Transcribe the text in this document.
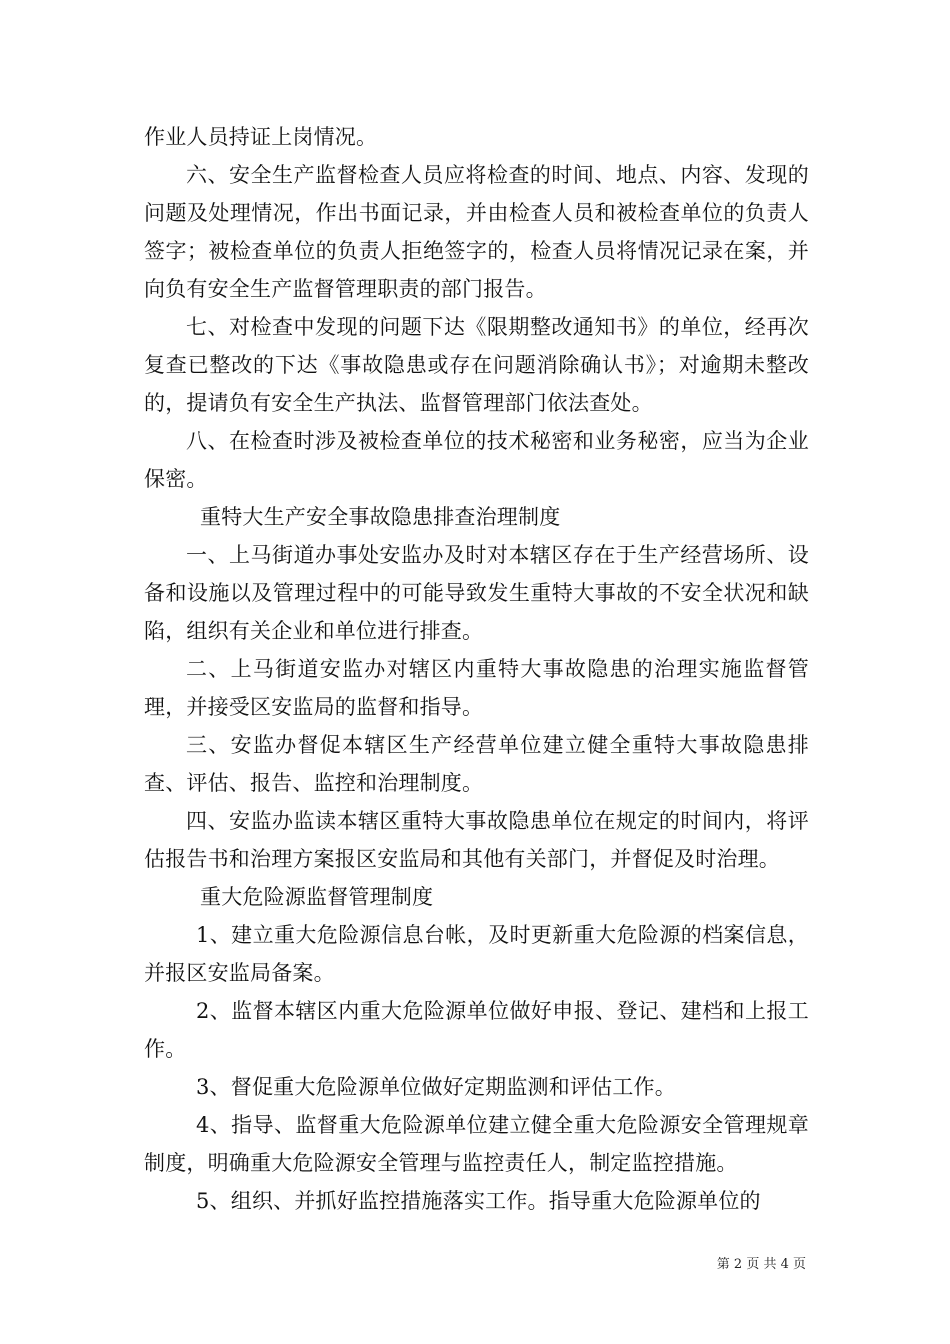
作业人员持证上岗情况。

六、安全生产监督检查人员应将检查的时间、地点、内容、发现的问题及处理情况，作出书面记录，并由检查人员和被检查单位的负责人签字；被检查单位的负责人拒绝签字的，检查人员将情况记录在案，并向负有安全生产监督管理职责的部门报告。

七、对检查中发现的问题下达《限期整改通知书》的单位，经再次复查已整改的下达《事故隐患或存在问题消除确认书》；对逾期未整改的，提请负有安全生产执法、监督管理部门依法查处。

八、在检查时涉及被检查单位的技术秘密和业务秘密，应当为企业保密。

重特大生产安全事故隐患排查治理制度

一、上马街道办事处安监办及时对本辖区存在于生产经营场所、设备和设施以及管理过程中的可能导致发生重特大事故的不安全状况和缺陷，组织有关企业和单位进行排查。

二、上马街道安监办对辖区内重特大事故隐患的治理实施监督管理，并接受区安监局的监督和指导。

三、安监办督促本辖区生产经营单位建立健全重特大事故隐患排查、评估、报告、监控和治理制度。

四、安监办监读本辖区重特大事故隐患单位在规定的时间内，将评估报告书和治理方案报区安监局和其他有关部门，并督促及时治理。

重大危险源监督管理制度

1、建立重大危险源信息台帐，及时更新重大危险源的档案信息，并报区安监局备案。

2、监督本辖区内重大危险源单位做好申报、登记、建档和上报工作。

3、督促重大危险源单位做好定期监测和评估工作。

4、指导、监督重大危险源单位建立健全重大危险源安全管理规章制度，明确重大危险源安全管理与监控责任人，制定监控措施。

5、组织、并抓好监控措施落实工作。指导重大危险源单位的

第 2 页 共 4 页
